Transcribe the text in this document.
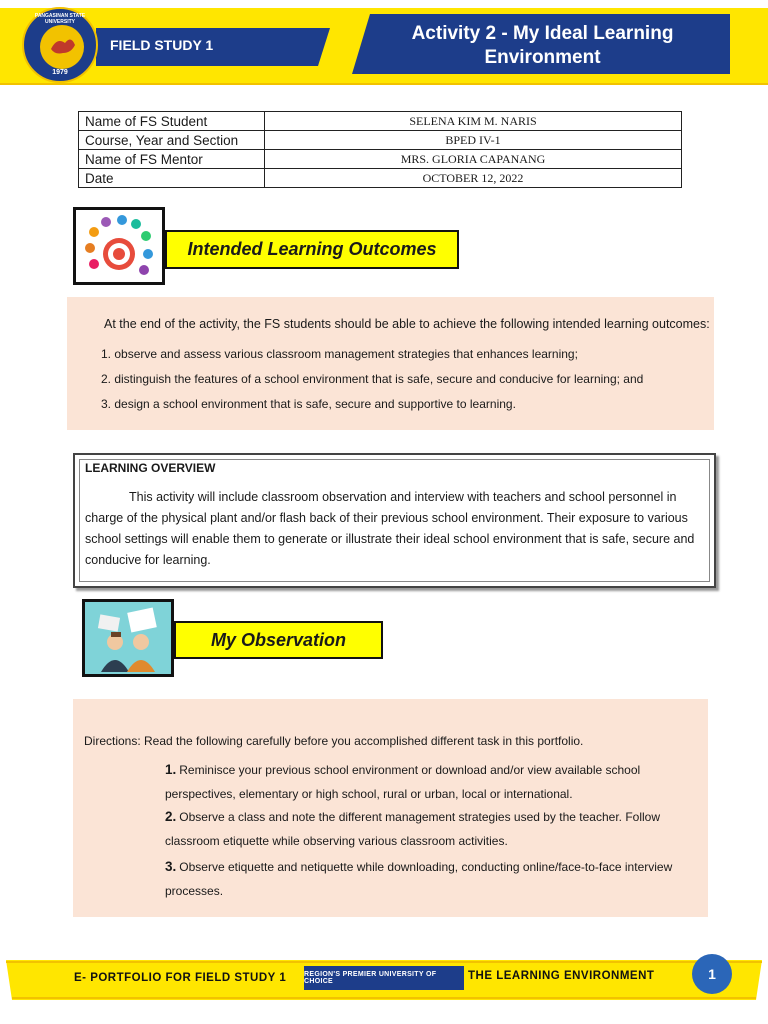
1979
PANGASINAN STATE UNIVERSITY
FIELD STUDY 1
Activity 2 - My Ideal Learning
Environment
Name of FS Student	SELENA KIM M. NARIS
Course, Year and Section	BPED IV-1
Name of FS Mentor	MRS. GLORIA CAPANANG
Date	OCTOBER 12, 2022
Intended Learning Outcomes
At the end of the activity, the FS students should be able to achieve the following intended learning outcomes:
1. observe and assess various classroom management strategies that enhances learning;
2. distinguish the features of a school environment that is safe, secure and conducive for learning; and
3. design a school environment that is safe, secure and supportive to learning.
LEARNING OVERVIEW
This activity will include classroom observation and interview with teachers and school personnel in charge of the physical plant and/or flash back of their previous school environment. Their exposure to various school settings will enable them to generate or illustrate their ideal school environment that is safe, secure and conducive for learning.
My Observation
Directions: Read the following carefully before you accomplished different task in this portfolio.
1. Reminisce your previous school environment or download and/or view available school perspectives, elementary or high school, rural or urban, local or international.
2. Observe a class and note the different management strategies used by the teacher. Follow classroom etiquette while observing various classroom activities.
3. Observe etiquette and netiquette while downloading, conducting online/face-to-face interview processes.
E- PORTFOLIO FOR FIELD STUDY 1	REGION'S PREMIER UNIVERSITY OF CHOICE	THE LEARNING ENVIRONMENT	1
